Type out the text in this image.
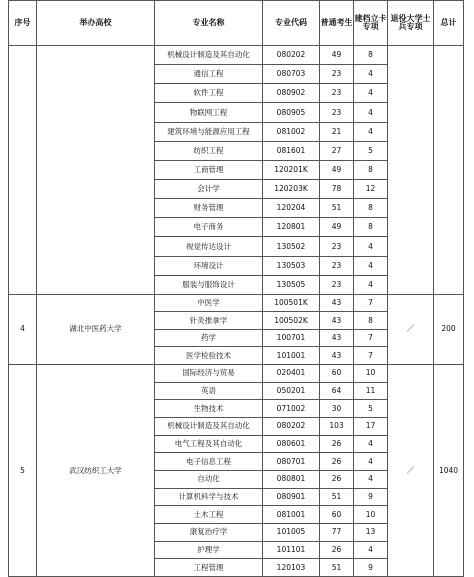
序号	举办高校	专业名称	专业代码	普通考生	建档立卡专项	退役大学士兵专项	总计
		机械设计制造及其自动化	080202	49	8		
		通信工程	080703	23	4		
		软件工程	080902	23	4		
		物联网工程	080905	23	4		
		建筑环境与能源应用工程	081002	21	4		
		纺织工程	081601	27	5		
		工商管理	120201K	49	8		
		会计学	120203K	78	12		
		财务管理	120204	51	8		
		电子商务	120801	49	8		
		视觉传达设计	130502	23	4		
		环境设计	130503	23	4		
		服装与服饰设计	130505	23	4		
4	湖北中医药大学	中医学	100501K	43	7	／	200
		针灸推拿学	100502K	43	8		
		药学	100701	43	7		
		医学检验技术	101001	43	7		
5	武汉纺织工大学	国际经济与贸易	020401	60	10	／	1040
		英语	050201	64	11		
		生物技术	071002	30	5		
		机械设计制造及其自动化	080202	103	17		
		电气工程及其自动化	080601	26	4		
		电子信息工程	080701	26	4		
		自动化	080801	26	4		
		计算机科学与技术	080901	51	9		
		土木工程	081001	60	10		
		康复治疗学	101005	77	13		
		护理学	101101	26	4		
		工程管理	120103	51	9		
